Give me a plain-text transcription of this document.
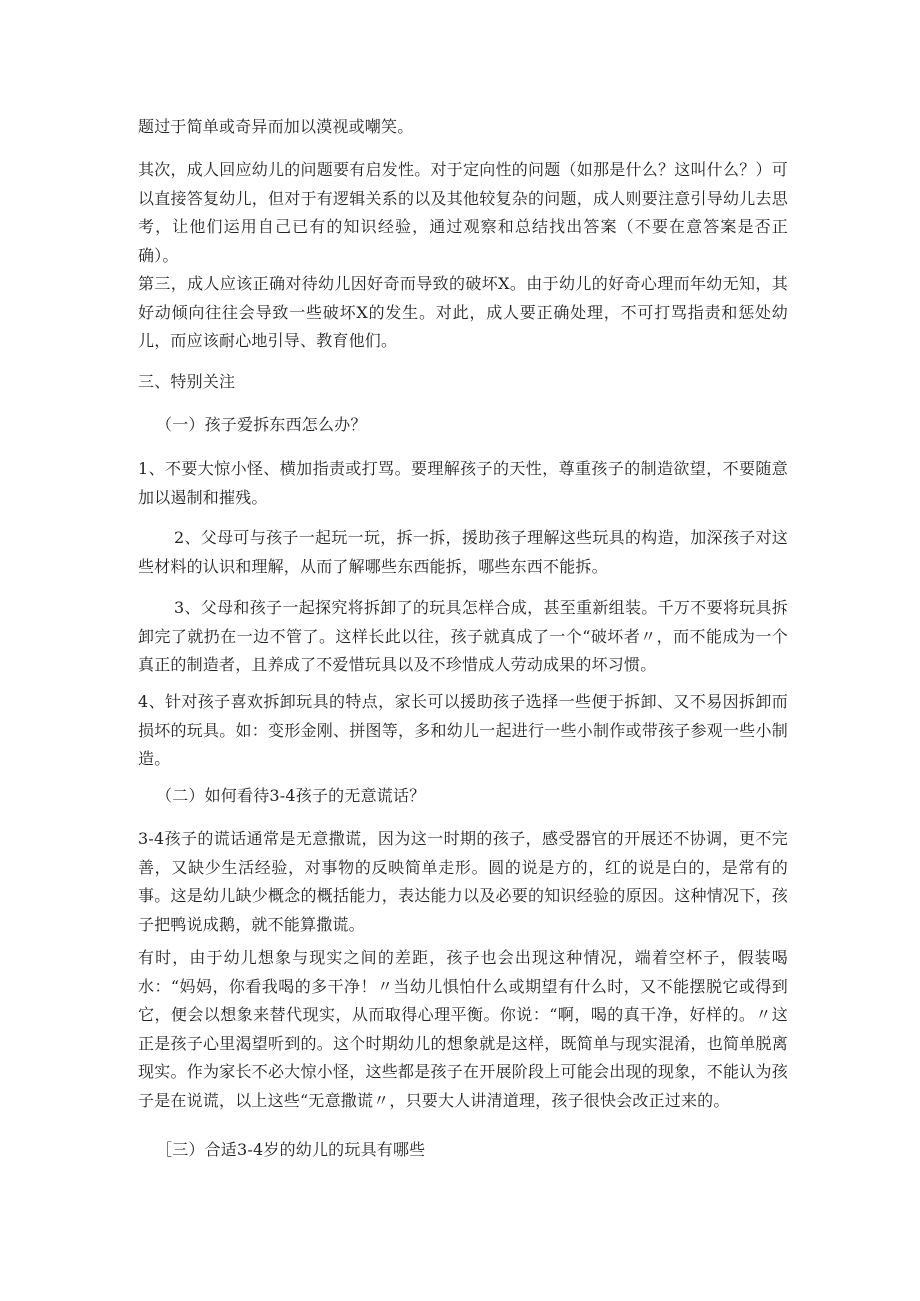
题过于简单或奇异而加以漠视或嘲笑。

其次，成人回应幼儿的问题要有启发性。对于定向性的问题（如那是什么？这叫什么？）可以直接答复幼儿，但对于有逻辑关系的以及其他较复杂的问题，成人则要注意引导幼儿去思考，让他们运用自己已有的知识经验，通过观察和总结找出答案（不要在意答案是否正确）。

第三，成人应该正确对待幼儿因好奇而导致的破坏X。由于幼儿的好奇心理而年幼无知，其好动倾向往往会导致一些破坏X的发生。对此，成人要正确处理，不可打骂指责和惩处幼儿，而应该耐心地引导、教育他们。

三、特别关注

（一）孩子爱拆东西怎么办？

1、不要大惊小怪、横加指责或打骂。要理解孩子的天性，尊重孩子的制造欲望，不要随意加以遏制和摧残。

2、父母可与孩子一起玩一玩，拆一拆，援助孩子理解这些玩具的构造，加深孩子对这些材料的认识和理解，从而了解哪些东西能拆，哪些东西不能拆。

3、父母和孩子一起探究将拆卸了的玩具怎样合成，甚至重新组装。千万不要将玩具拆卸完了就扔在一边不管了。这样长此以往，孩子就真成了一个“破坏者〃，而不能成为一个真正的制造者，且养成了不爱惜玩具以及不珍惜成人劳动成果的坏习惯。

4、针对孩子喜欢拆卸玩具的特点，家长可以援助孩子选择一些便于拆卸、又不易因拆卸而损坏的玩具。如：变形金刚、拼图等，多和幼儿一起进行一些小制作或带孩子参观一些小制造。

（二）如何看待3-4孩子的无意谎话？

3-4孩子的谎话通常是无意撒谎，因为这一时期的孩子，感受器官的开展还不协调，更不完善，又缺少生活经验，对事物的反映简单走形。圆的说是方的，红的说是白的，是常有的事。这是幼儿缺少概念的概括能力，表达能力以及必要的知识经验的原因。这种情况下，孩子把鸭说成鹅，就不能算撒谎。

有时，由于幼儿想象与现实之间的差距，孩子也会出现这种情况，端着空杯子，假装喝水：“妈妈，你看我喝的多干净！〃当幼儿惧怕什么或期望有什么时，又不能摆脱它或得到它，便会以想象来替代现实，从而取得心理平衡。你说：“啊，喝的真干净，好样的。〃这正是孩子心里渴望听到的。这个时期幼儿的想象就是这样，既简单与现实混淆，也简单脱离现实。作为家长不必大惊小怪，这些都是孩子在开展阶段上可能会出现的现象，不能认为孩子是在说谎，以上这些“无意撒谎〃，只要大人讲清道理，孩子很快会改正过来的。

［三）合适3-4岁的幼儿的玩具有哪些
